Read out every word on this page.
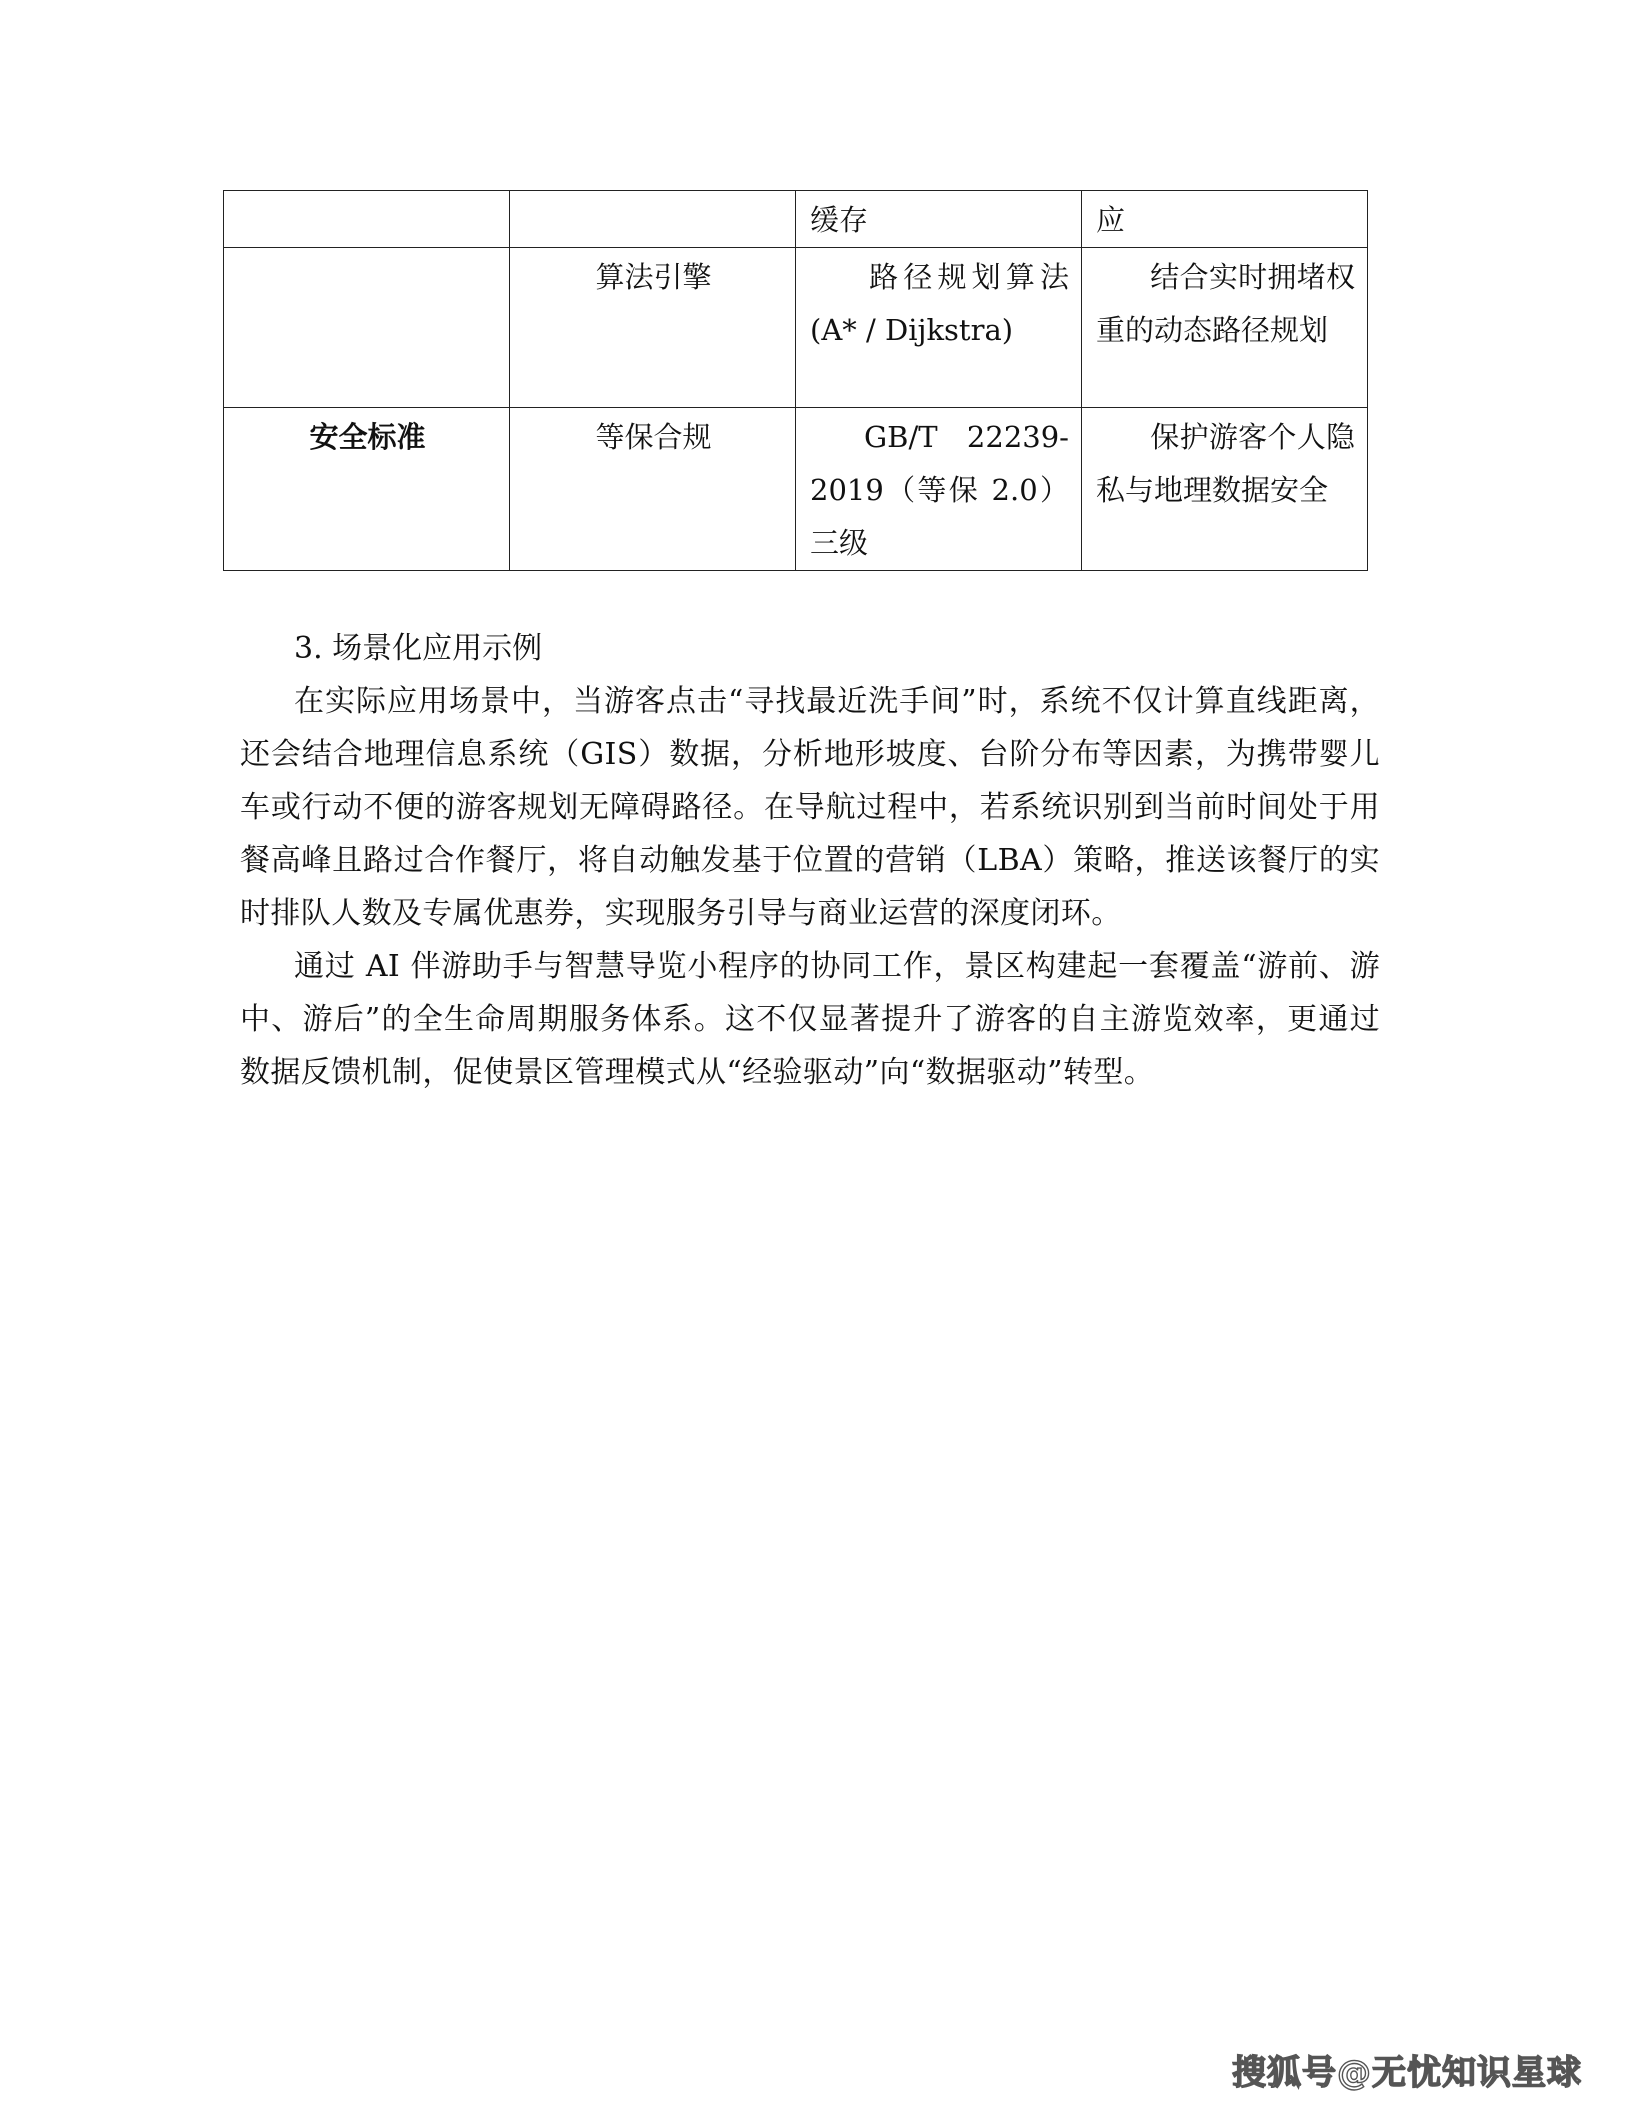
		缓存	应
	算法引擎	路径规划算法(A* / Dijkstra)	结合实时拥堵权重的动态路径规划
安全标准	等保合规	GB/T 22239-2019（等保 2.0）三级	保护游客个人隐私与地理数据安全

3. 场景化应用示例

在实际应用场景中，当游客点击“寻找最近洗手间”时，系统不仅计算直线距离，还会结合地理信息系统（GIS）数据，分析地形坡度、台阶分布等因素，为携带婴儿车或行动不便的游客规划无障碍路径。在导航过程中，若系统识别到当前时间处于用餐高峰且路过合作餐厅，将自动触发基于位置的营销（LBA）策略，推送该餐厅的实时排队人数及专属优惠券，实现服务引导与商业运营的深度闭环。

通过 AI 伴游助手与智慧导览小程序的协同工作，景区构建起一套覆盖“游前、游中、游后”的全生命周期服务体系。这不仅显著提升了游客的自主游览效率，更通过数据反馈机制，促使景区管理模式从“经验驱动”向“数据驱动”转型。

搜狐号@无忧知识星球
